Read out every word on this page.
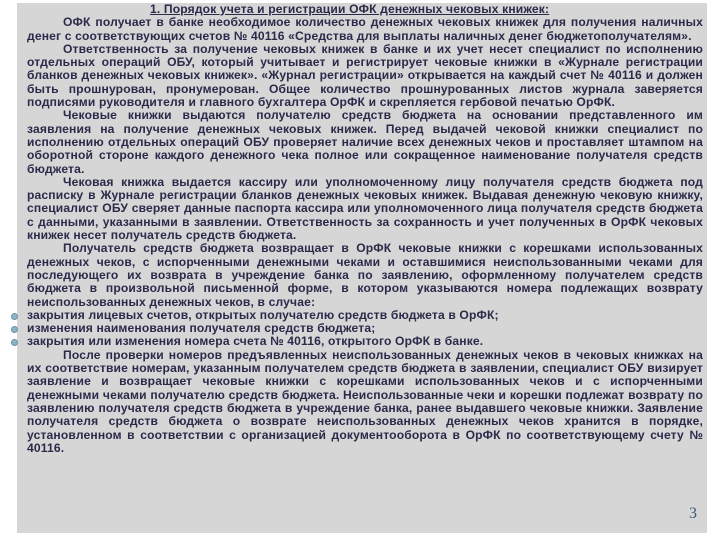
1. Порядок учета и регистрации ОФК денежных чековых книжек:

ОФК получает в банке необходимое количество денежных чековых книжек для получения наличных денег с соответствующих счетов № 40116 «Средства для выплаты наличных денег бюджетополучателям».

Ответственность за получение чековых книжек в банке и их учет несет специалист по исполнению отдельных операций ОБУ, который учитывает и регистрирует чековые книжки в «Журнале регистрации бланков денежных чековых книжек». «Журнал регистрации» открывается на каждый счет № 40116 и должен быть прошнурован, пронумерован. Общее количество прошнурованных листов журнала заверяется подписями руководителя и главного бухгалтера ОрФК и скрепляется гербовой печатью ОрФК.

Чековые книжки выдаются получателю средств бюджета на основании представленного им заявления на получение денежных чековых книжек. Перед выдачей чековой книжки специалист по исполнению отдельных операций ОБУ проверяет наличие всех денежных чеков и проставляет штампом на оборотной стороне каждого денежного чека полное или сокращенное наименование получателя средств бюджета.

Чековая книжка выдается кассиру или уполномоченному лицу получателя средств бюджета под расписку в Журнале регистрации бланков денежных чековых книжек. Выдавая денежную чековую книжку, специалист ОБУ сверяет данные паспорта кассира или уполномоченного лица получателя средств бюджета с данными, указанными в заявлении. Ответственность за сохранность и учет полученных в ОрФК чековых книжек несет получатель средств бюджета.

Получатель средств бюджета возвращает в ОрФК чековые книжки с корешками использованных денежных чеков, с испорченными денежными чеками и оставшимися неиспользованными чеками для последующего их возврата в учреждение банка по заявлению, оформленному получателем средств бюджета в произвольной письменной форме, в котором указываются номера подлежащих возврату неиспользованных денежных чеков, в случае:

закрытия лицевых счетов, открытых получателю средств бюджета в ОрФК;
изменения наименования получателя средств бюджета;
закрытия или изменения номера счета № 40116, открытого ОрФК в банке.

После проверки номеров предъявленных неиспользованных денежных чеков в чековых книжках на их соответствие номерам, указанным получателем средств бюджета в заявлении, специалист ОБУ визирует заявление и возвращает чековые книжки с корешками использованных чеков и с испорченными денежными чеками получателю средств бюджета. Неиспользованные чеки и корешки подлежат возврату по заявлению получателя средств бюджета в учреждение банка, ранее выдавшего чековые книжки. Заявление получателя средств бюджета о возврате неиспользованных денежных чеков хранится в порядке, установленном в соответствии с организацией документооборота в ОрФК по соответствующему счету № 40116.

3
